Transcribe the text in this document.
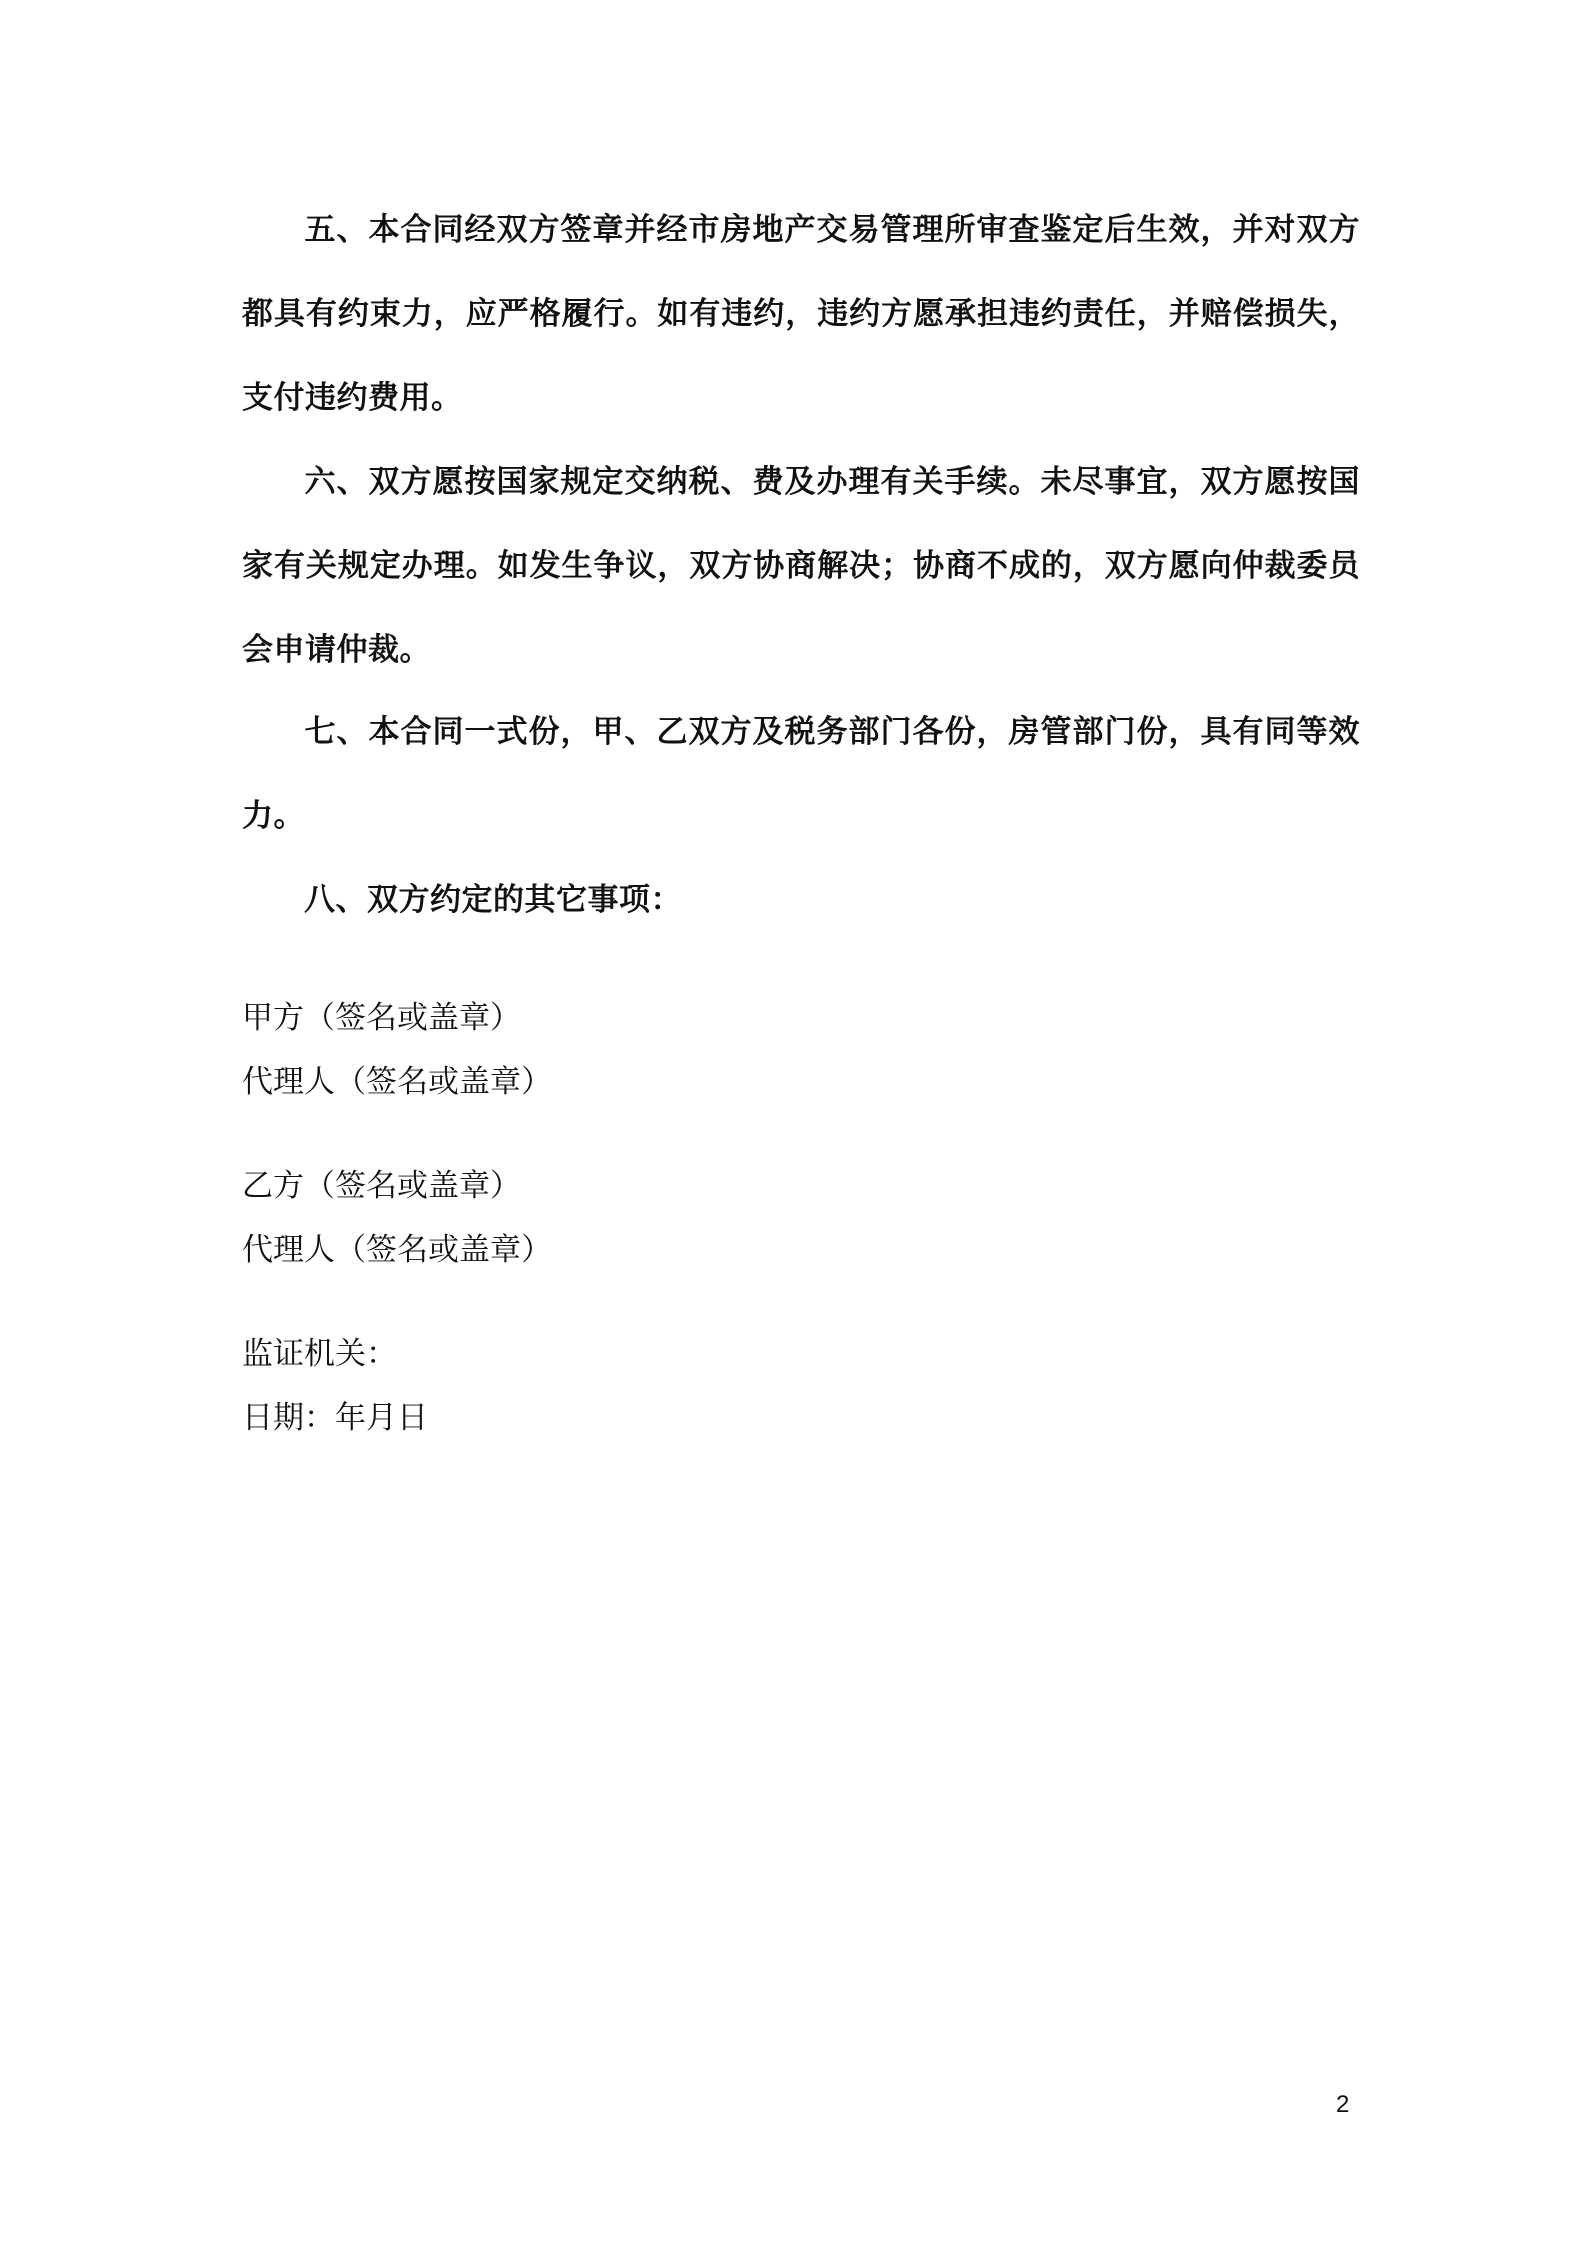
五、本合同经双方签章并经市房地产交易管理所审查鉴定后生效，并对双方都具有约束力，应严格履行。如有违约，违约方愿承担违约责任，并赔偿损失，支付违约费用。
六、双方愿按国家规定交纳税、费及办理有关手续。未尽事宜，双方愿按国家有关规定办理。如发生争议，双方协商解决；协商不成的，双方愿向仲裁委员会申请仲裁。
七、本合同一式份，甲、乙双方及税务部门各份，房管部门份，具有同等效力。
八、双方约定的其它事项：
甲方（签名或盖章）
代理人（签名或盖章）
乙方（签名或盖章）
代理人（签名或盖章）
监证机关：
日期：年月日
2
